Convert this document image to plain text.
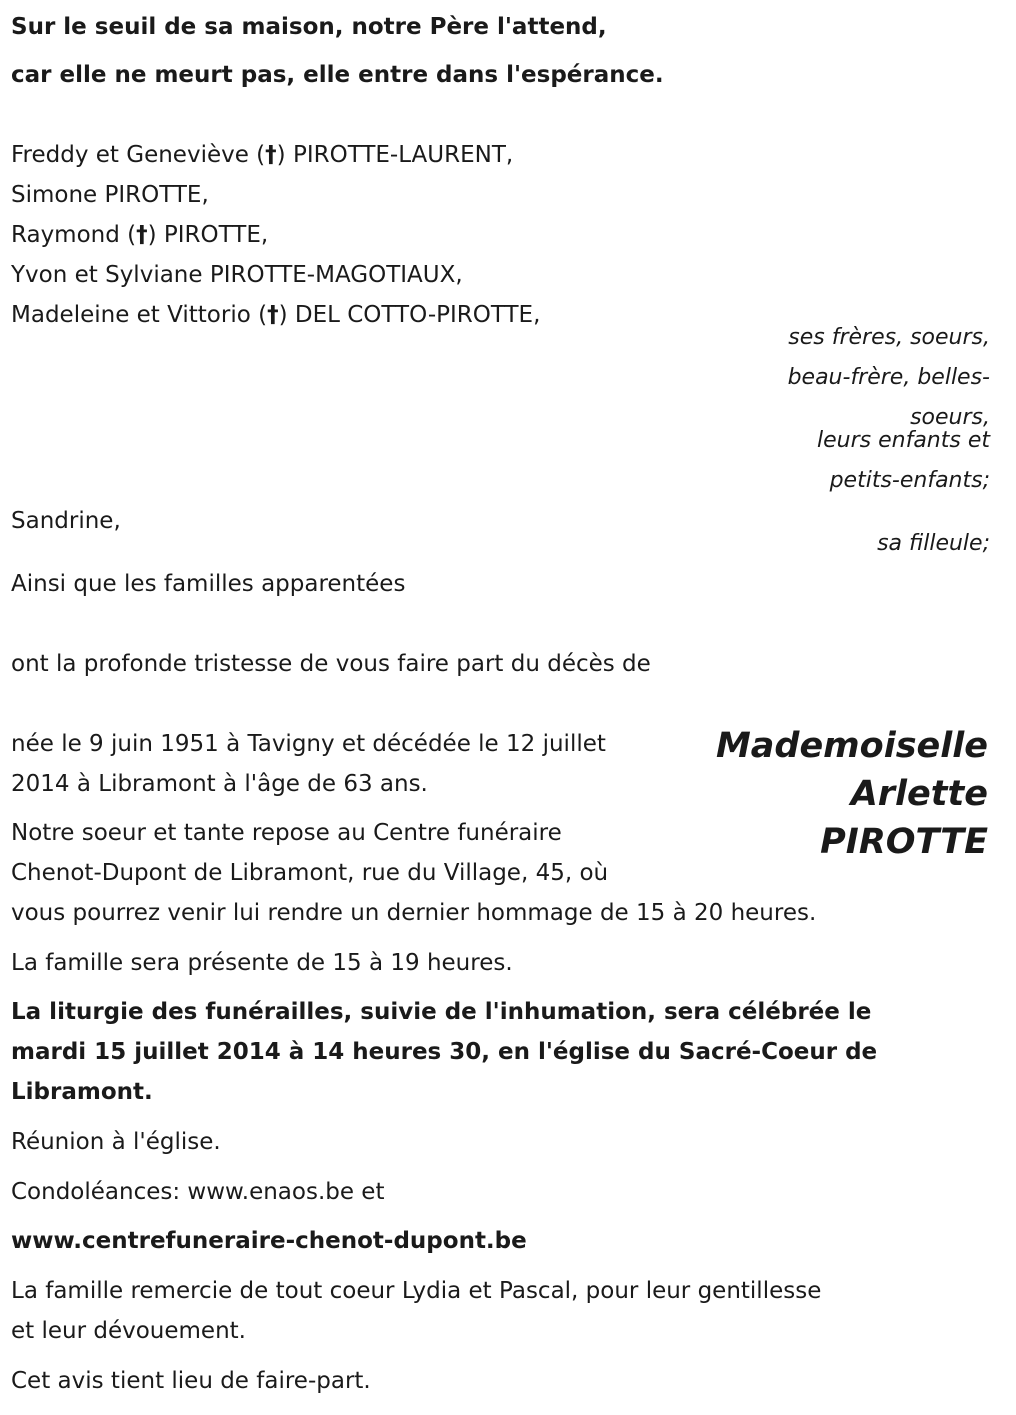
Sur le seuil de sa maison, notre Père l'attend,

car elle ne meurt pas, elle entre dans l'espérance.

Freddy et Geneviève (†) PIROTTE-LAURENT,

Simone PIROTTE,

Raymond (†) PIROTTE,

Yvon et Sylviane PIROTTE-MAGOTIAUX,

Madeleine et Vittorio (†) DEL COTTO-PIROTTE,

ses frères, soeurs,

beau-frère, belles-

soeurs,

leurs enfants et

petits-enfants;

Sandrine,

sa filleule;

Ainsi que les familles apparentées

ont la profonde tristesse de vous faire part du décès de

Mademoiselle
Arlette
PIROTTE

née le 9 juin 1951 à Tavigny et décédée le 12 juillet

2014 à Libramont à l'âge de 63 ans.

Notre soeur et tante repose au Centre funéraire

Chenot-Dupont de Libramont, rue du Village, 45, où

vous pourrez venir lui rendre un dernier hommage de 15 à 20 heures.

La famille sera présente de 15 à 19 heures.

La liturgie des funérailles, suivie de l'inhumation, sera célébrée le

mardi 15 juillet 2014 à 14 heures 30, en l'église du Sacré-Coeur de

Libramont.

Réunion à l'église.

Condoléances: www.enaos.be et

www.centrefuneraire-chenot-dupont.be

La famille remercie de tout coeur Lydia et Pascal, pour leur gentillesse

et leur dévouement.

Cet avis tient lieu de faire-part.
